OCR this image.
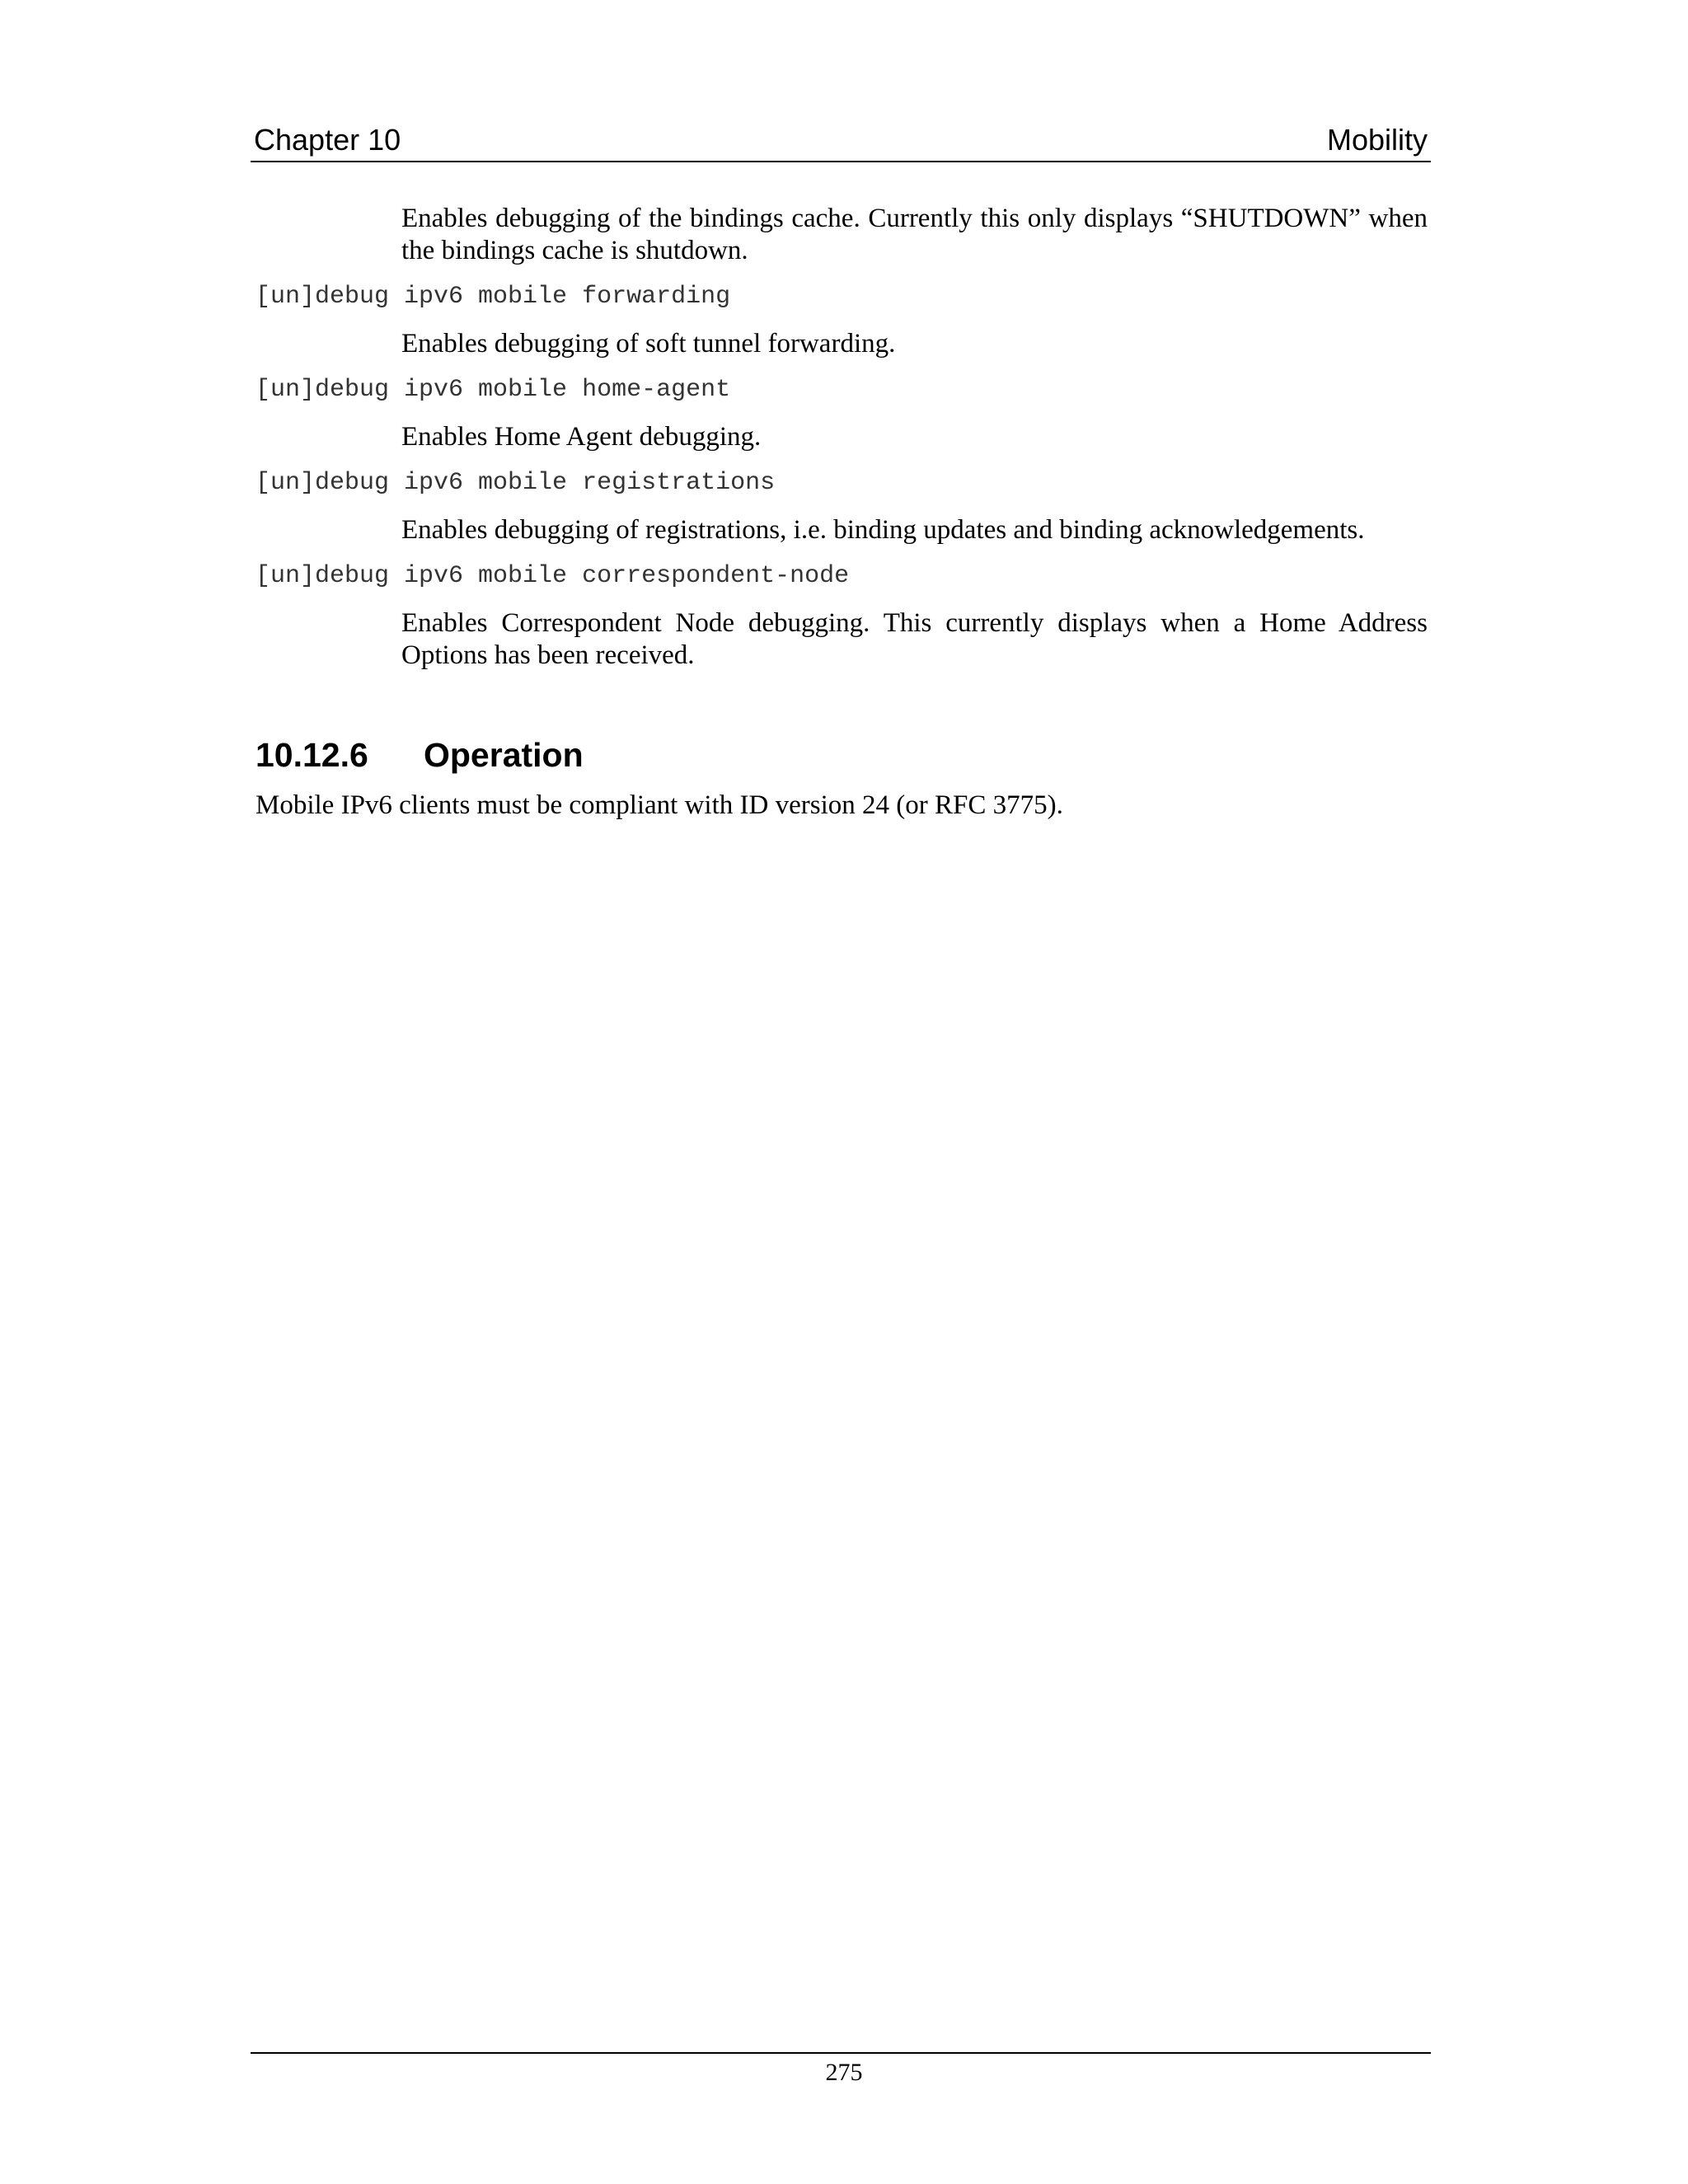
Chapter 10	Mobility
Enables debugging of the bindings cache. Currently this only displays “SHUTDOWN” when the bindings cache is shutdown.
[un]debug ipv6 mobile forwarding
Enables debugging of soft tunnel forwarding.
[un]debug ipv6 mobile home-agent
Enables Home Agent debugging.
[un]debug ipv6 mobile registrations
Enables debugging of registrations, i.e. binding updates and binding acknowledgements.
[un]debug ipv6 mobile correspondent-node
Enables Correspondent Node debugging. This currently displays when a Home Address Options has been received.
10.12.6 Operation
Mobile IPv6 clients must be compliant with ID version 24 (or RFC 3775).
275
